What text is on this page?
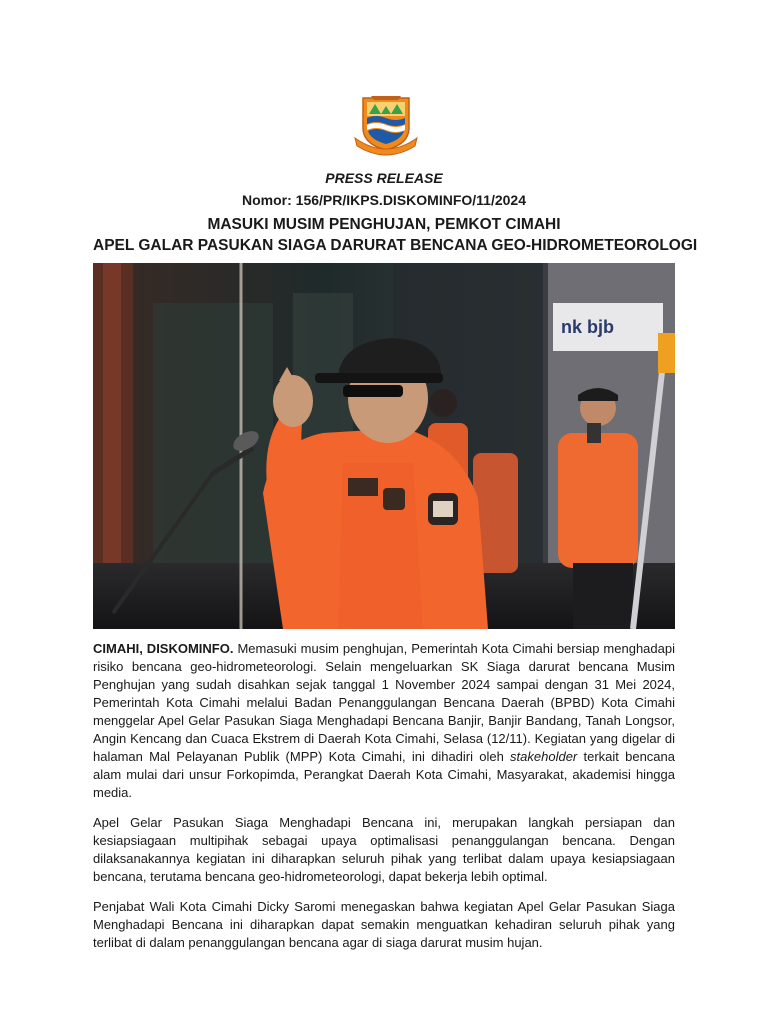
PRESS RELEASE
Nomor: 156/PR/IKPS.DISKOMINFO/11/2024
MASUKI MUSIM PENGHUJAN, PEMKOT CIMAHI
APEL GALAR PASUKAN SIAGA DARURAT BENCANA GEO-HIDROMETEOROLOGI
nk bjb

CIMAHI, DISKOMINFO. Memasuki musim penghujan, Pemerintah Kota Cimahi bersiap menghadapi risiko bencana geo-hidrometeorologi. Selain mengeluarkan SK Siaga darurat bencana Musim Penghujan yang sudah disahkan sejak tanggal 1 November 2024 sampai dengan 31 Mei 2024, Pemerintah Kota Cimahi melalui Badan Penanggulangan Bencana Daerah (BPBD) Kota Cimahi menggelar Apel Gelar Pasukan Siaga Menghadapi Bencana Banjir, Banjir Bandang, Tanah Longsor, Angin Kencang dan Cuaca Ekstrem di Daerah Kota Cimahi, Selasa (12/11). Kegiatan yang digelar di halaman Mal Pelayanan Publik (MPP) Kota Cimahi, ini dihadiri oleh stakeholder terkait bencana alam mulai dari unsur Forkopimda, Perangkat Daerah Kota Cimahi, Masyarakat, akademisi hingga media.

Apel Gelar Pasukan Siaga Menghadapi Bencana ini, merupakan langkah persiapan dan kesiapsiagaan multipihak sebagai upaya optimalisasi penanggulangan bencana. Dengan dilaksanakannya kegiatan ini diharapkan seluruh pihak yang terlibat dalam upaya kesiapsiagaan bencana, terutama bencana geo-hidrometeorologi, dapat bekerja lebih optimal.

Penjabat Wali Kota Cimahi Dicky Saromi menegaskan bahwa kegiatan Apel Gelar Pasukan Siaga Menghadapi Bencana ini diharapkan dapat semakin menguatkan kehadiran seluruh pihak yang terlibat di dalam penanggulangan bencana agar di siaga darurat musim hujan.
